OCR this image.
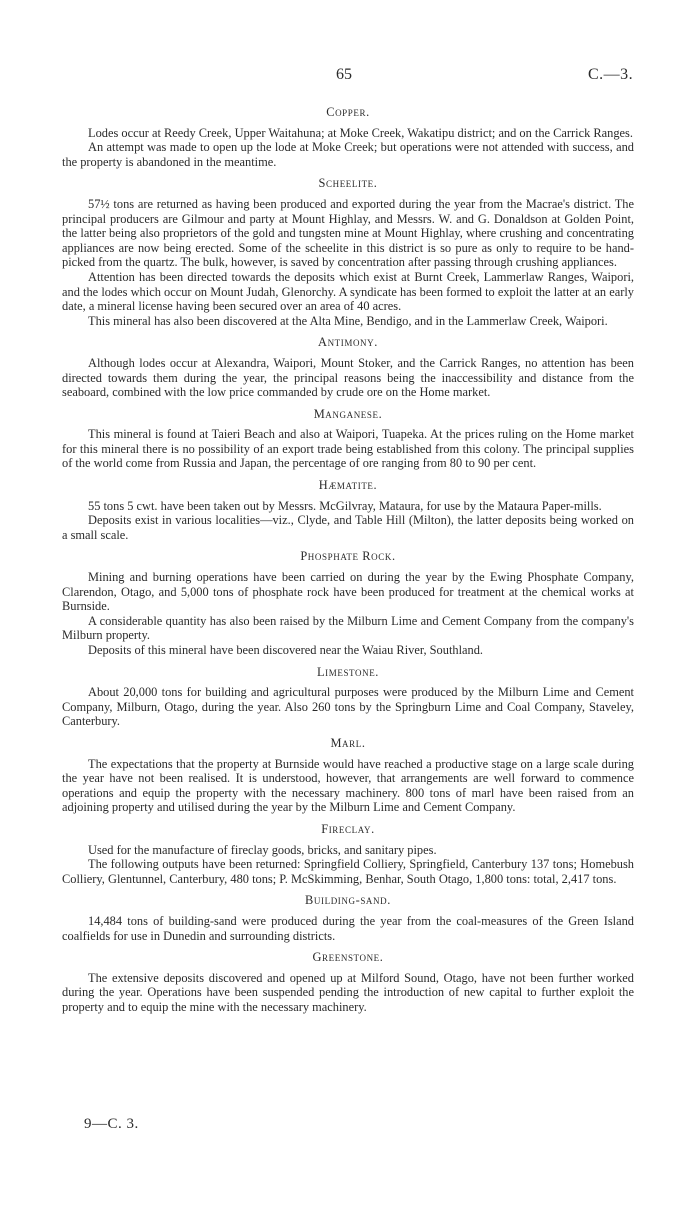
65	C.—3.
Copper.

Lodes occur at Reedy Creek, Upper Waitahuna; at Moke Creek, Wakatipu district; and on the Carrick Ranges.

An attempt was made to open up the lode at Moke Creek; but operations were not attended with success, and the property is abandoned in the meantime.

Scheelite.

57½ tons are returned as having been produced and exported during the year from the Macrae's district. The principal producers are Gilmour and party at Mount Highlay, and Messrs. W. and G. Donaldson at Golden Point, the latter being also proprietors of the gold and tungsten mine at Mount Highlay, where crushing and concentrating appliances are now being erected. Some of the scheelite in this district is so pure as only to require to be hand-picked from the quartz. The bulk, however, is saved by concentration after passing through crushing appliances.

Attention has been directed towards the deposits which exist at Burnt Creek, Lammerlaw Ranges, Waipori, and the lodes which occur on Mount Judah, Glenorchy. A syndicate has been formed to exploit the latter at an early date, a mineral license having been secured over an area of 40 acres.

This mineral has also been discovered at the Alta Mine, Bendigo, and in the Lammerlaw Creek, Waipori.

Antimony.

Although lodes occur at Alexandra, Waipori, Mount Stoker, and the Carrick Ranges, no attention has been directed towards them during the year, the principal reasons being the inaccessibility and distance from the seaboard, combined with the low price commanded by crude ore on the Home market.

Manganese.

This mineral is found at Taieri Beach and also at Waipori, Tuapeka. At the prices ruling on the Home market for this mineral there is no possibility of an export trade being established from this colony. The principal supplies of the world come from Russia and Japan, the percentage of ore ranging from 80 to 90 per cent.

Hæmatite.

55 tons 5 cwt. have been taken out by Messrs. McGilvray, Mataura, for use by the Mataura Paper-mills.

Deposits exist in various localities—viz., Clyde, and Table Hill (Milton), the latter deposits being worked on a small scale.

Phosphate Rock.

Mining and burning operations have been carried on during the year by the Ewing Phosphate Company, Clarendon, Otago, and 5,000 tons of phosphate rock have been produced for treatment at the chemical works at Burnside.

A considerable quantity has also been raised by the Milburn Lime and Cement Company from the company's Milburn property.

Deposits of this mineral have been discovered near the Waiau River, Southland.

Limestone.

About 20,000 tons for building and agricultural purposes were produced by the Milburn Lime and Cement Company, Milburn, Otago, during the year. Also 260 tons by the Springburn Lime and Coal Company, Staveley, Canterbury.

Marl.

The expectations that the property at Burnside would have reached a productive stage on a large scale during the year have not been realised. It is understood, however, that arrangements are well forward to commence operations and equip the property with the necessary machinery. 800 tons of marl have been raised from an adjoining property and utilised during the year by the Milburn Lime and Cement Company.

Fireclay.

Used for the manufacture of fireclay goods, bricks, and sanitary pipes.

The following outputs have been returned: Springfield Colliery, Springfield, Canterbury 137 tons; Homebush Colliery, Glentunnel, Canterbury, 480 tons; P. McSkimming, Benhar, South Otago, 1,800 tons: total, 2,417 tons.

Building-sand.

14,484 tons of building-sand were produced during the year from the coal-measures of the Green Island coalfields for use in Dunedin and surrounding districts.

Greenstone.

The extensive deposits discovered and opened up at Milford Sound, Otago, have not been further worked during the year. Operations have been suspended pending the introduction of new capital to further exploit the property and to equip the mine with the necessary machinery.

9—C. 3.
